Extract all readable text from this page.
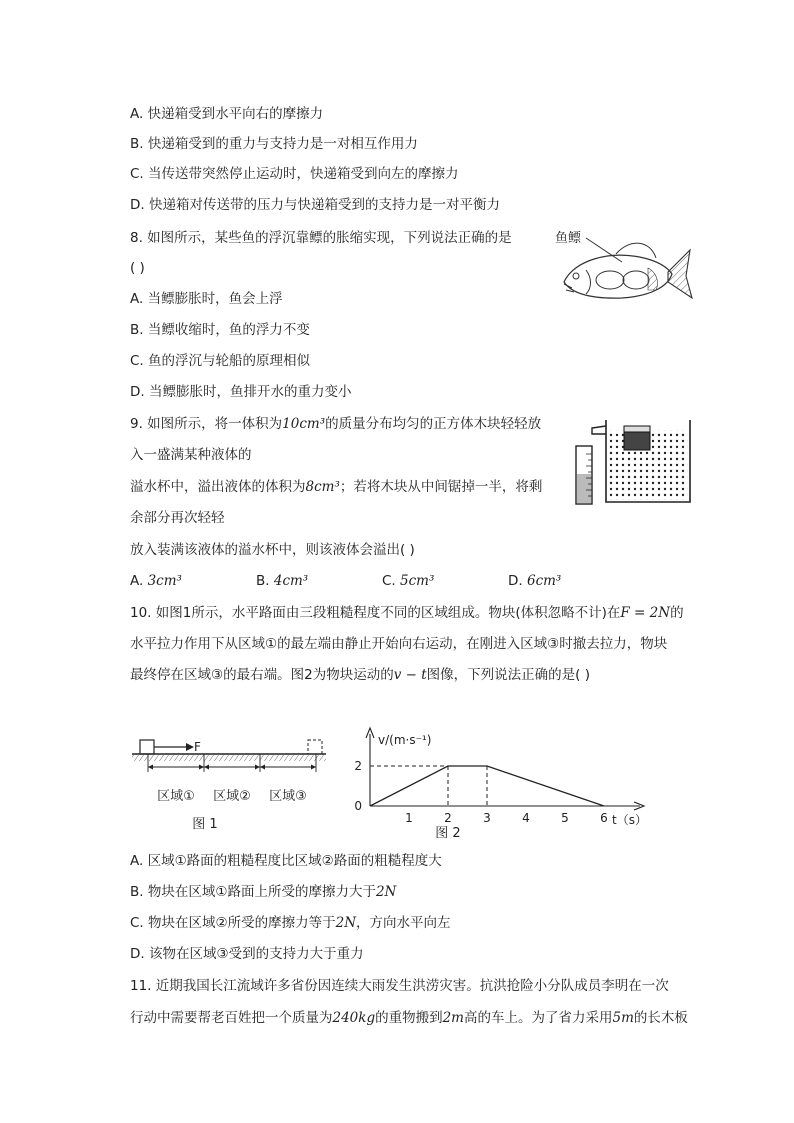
A. 快递箱受到水平向右的摩擦力
B. 快递箱受到的重力与支持力是一对相互作用力
C. 当传送带突然停止运动时，快递箱受到向左的摩擦力
D. 快递箱对传送带的压力与快递箱受到的支持力是一对平衡力
8. 如图所示，某些鱼的浮沉靠鳔的胀缩实现，下列说法正确的是
( )
A. 当鳔膨胀时，鱼会上浮
B. 当鳔收缩时，鱼的浮力不变
C. 鱼的浮沉与轮船的原理相似
D. 当鳔膨胀时，鱼排开水的重力变小
鱼鳔
9. 如图所示，将一体积为10cm³的质量分布均匀的正方体木块轻轻放
入一盛满某种液体的
溢水杯中，溢出液体的体积为8cm³；若将木块从中间锯掉一半，将剩
余部分再次轻轻
放入装满该液体的溢水杯中，则该液体会溢出( )
A. 3cm³	B. 4cm³	C. 5cm³	D. 6cm³
10. 如图1所示，水平路面由三段粗糙程度不同的区域组成。物块(体积忽略不计)在F = 2N的
水平拉力作用下从区域①的最左端由静止开始向右运动，在刚进入区域③时撤去拉力，物块
最终停在区域③的最右端。图2为物块运动的v − t图像，下列说法正确的是( )
F
区域① 区域② 区域③
图 1
v/(m·s⁻¹)
t（s）
图 2
1	2	3	4	5	6
0
2
A. 区域①路面的粗糙程度比区域②路面的粗糙程度大
B. 物块在区域①路面上所受的摩擦力大于2N
C. 物块在区域②所受的摩擦力等于2N，方向水平向左
D. 该物在区域③受到的支持力大于重力
11. 近期我国长江流域许多省份因连续大雨发生洪涝灾害。抗洪抢险小分队成员李明在一次
行动中需要帮老百姓把一个质量为240kg的重物搬到2m高的车上。为了省力采用5m的长木板
